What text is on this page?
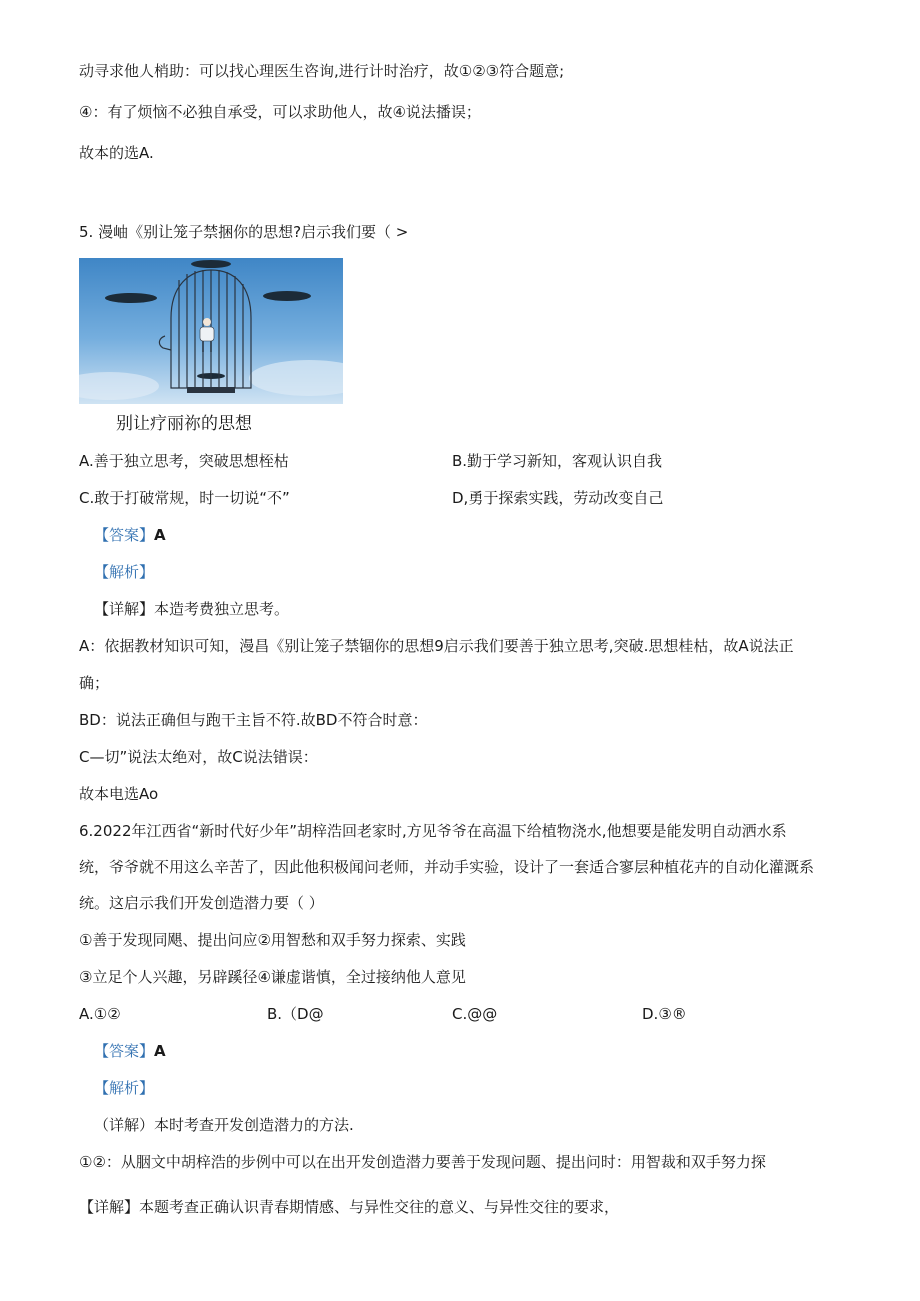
动寻求他人梢助：可以找心理医生咨询,进行计时治疗，故①②③符合题意;
④：有了烦恼不必独自承受，可以求助他人，故④说法播误；
故本的选A.
5. 漫岫《别让笼子禁捆你的思想?启示我们要（ >
别让疗丽祢的思想
A.善于独立思考，突破思想桎枯	B.勤于学习新知，客观认识自我
C.敢于打破常规，时一切说“不”	D,勇于探索实践，劳动改变自己
【答案】A
【解析】
【详解】本造考费独立思考。
A：依据教材知识可知，漫昌《别让笼子禁锢你的思想9启示我们要善于独立思考,突破.思想桂枯，故A说法正
确；
BD：说法正确但与跑干主旨不符.故BD不符合时意：
C—切”说法太绝对，故C说法错误：
故本电选Ao
6.2022年江西省“新时代好少年”胡梓浩回老家时,方见爷爷在高温下给植物浇水,他想要是能发明自动洒水系
统，爷爷就不用这么辛苦了，因此他积极闻问老师，并动手实验，设计了一套适合寥层种植花卉的自动化灌溉系
统。这启示我们开发创造潜力要（ ）
①善于发现同飓、提出问应②用智愁和双手努力探索、实践
③立足个人兴趣，另辟蹊径④谦虚谐慎，全过接纳他人意见
A.①②	B.（D@	C.@@	D.③®
【答案】A
【解析】
（详解）本时考查开发创造潜力的方法.
①②：从胭文中胡梓浩的步例中可以在出开发创造潜力要善于发现问题、提出问时：用智裁和双手努力探
【详解】本题考查正确认识青春期情感、与异性交往的意义、与异性交往的要求，
